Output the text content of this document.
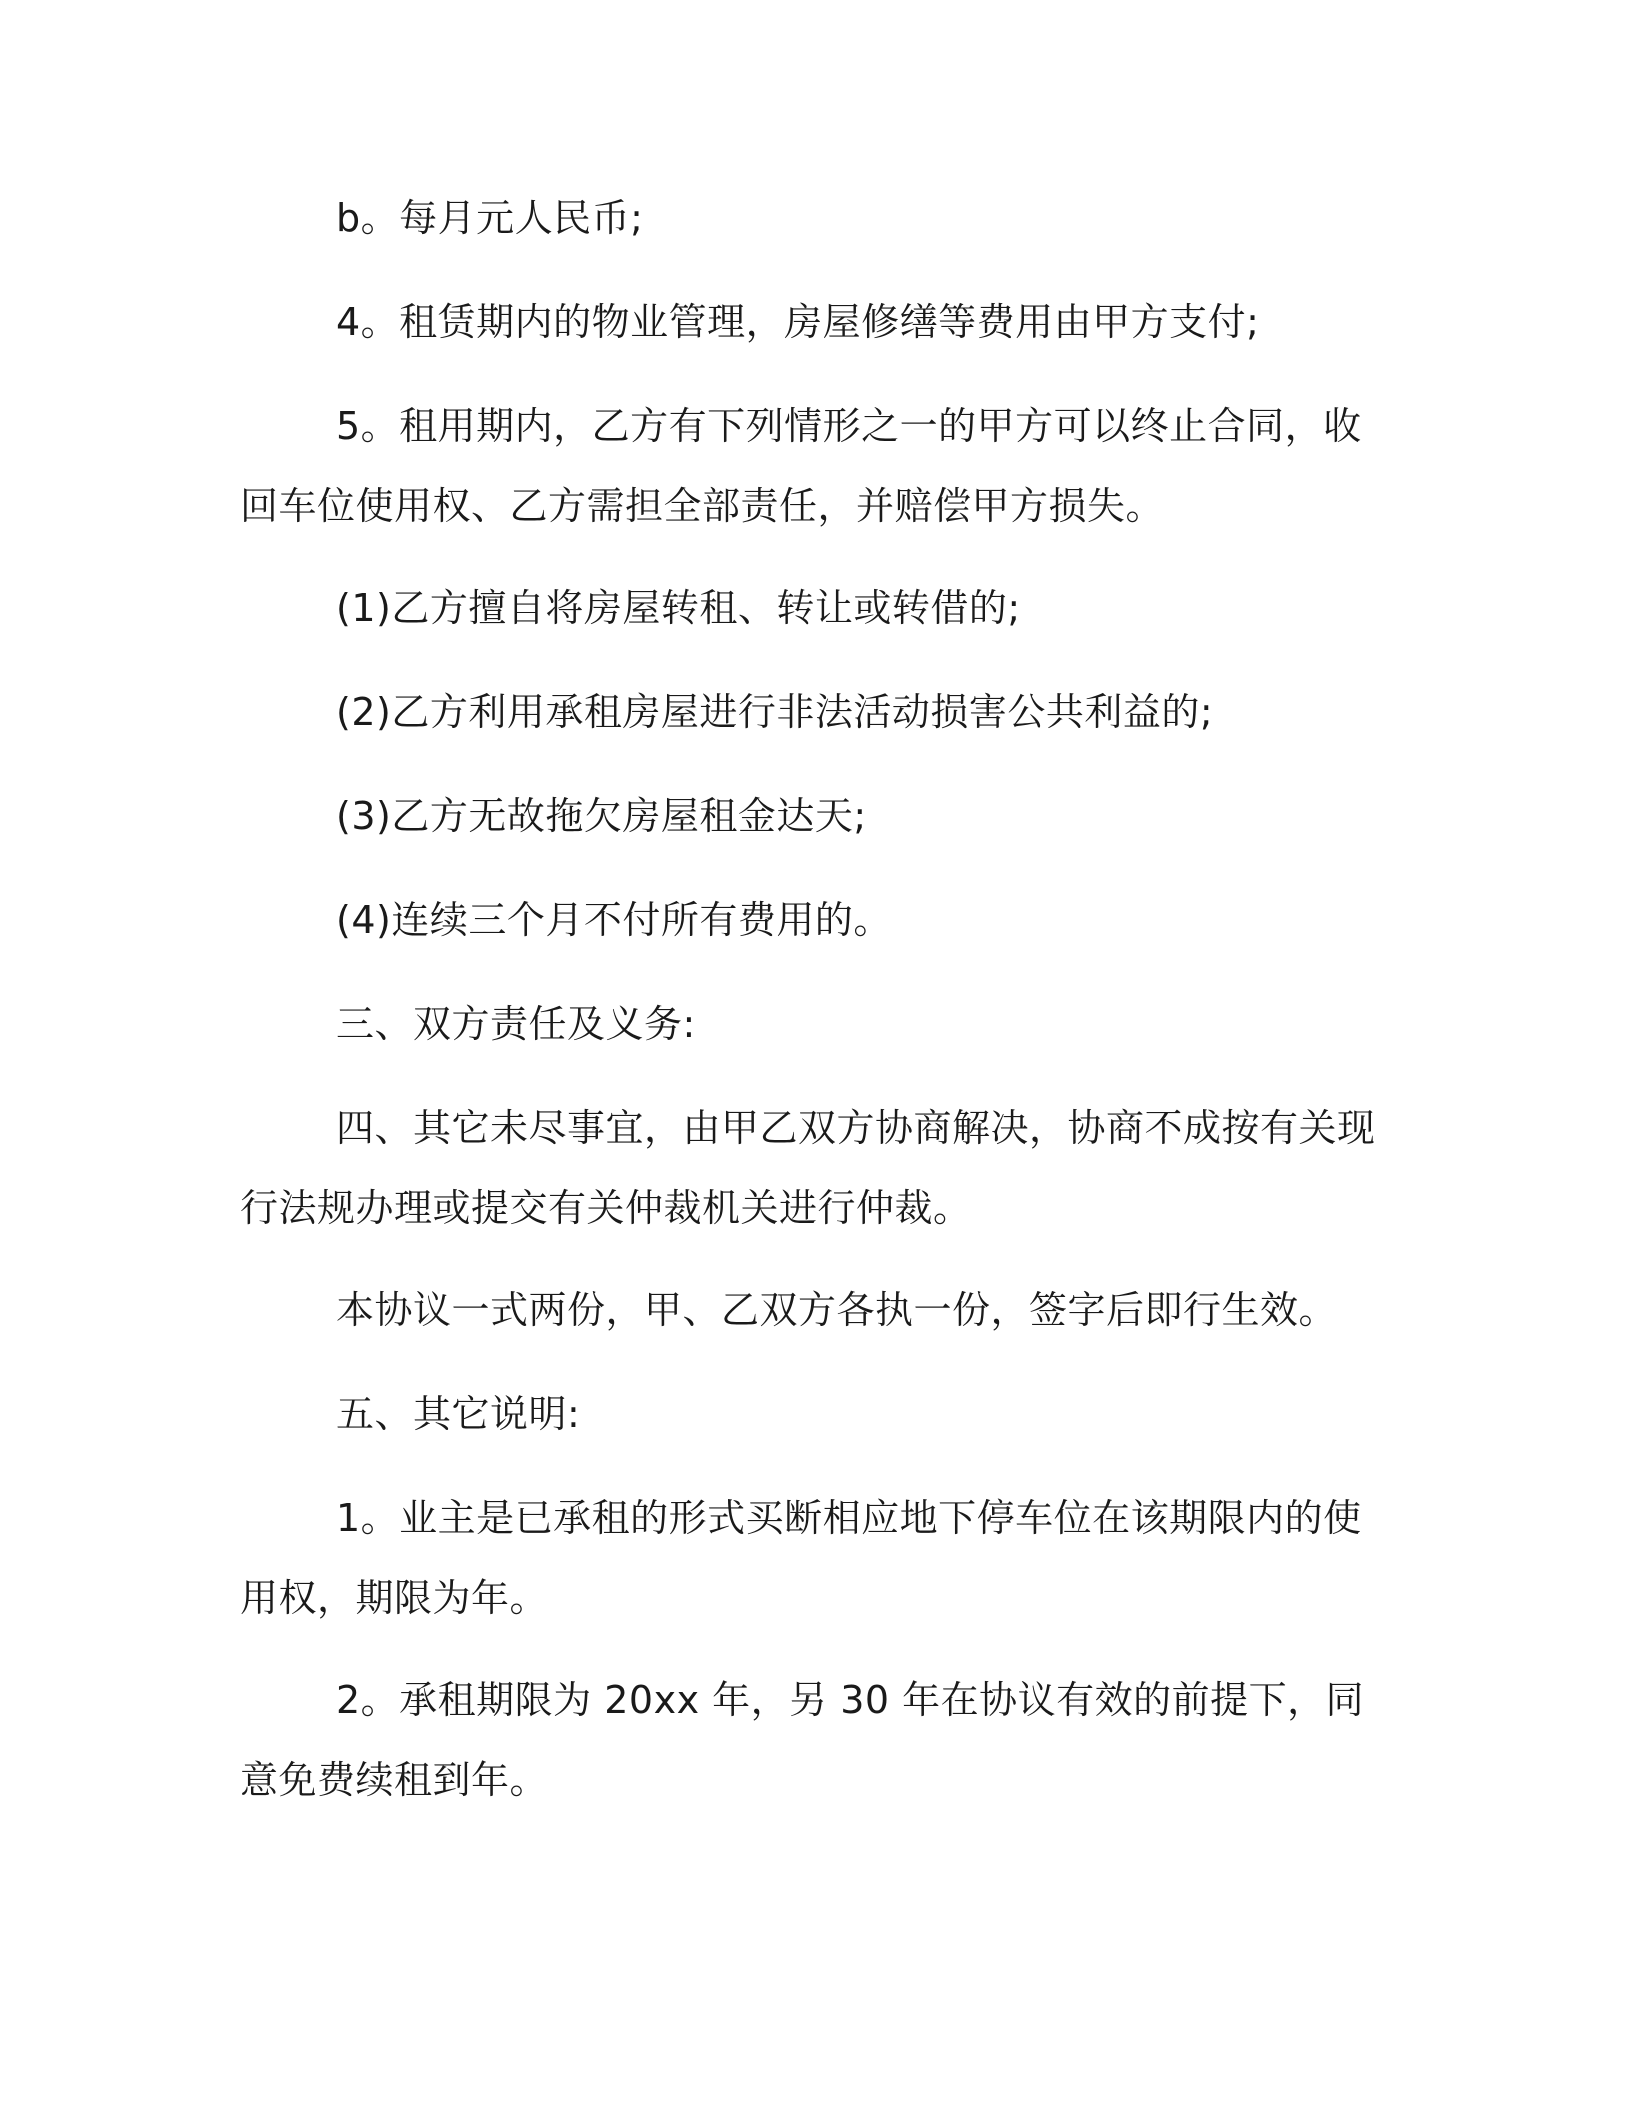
b。每月元人民币;

4。租赁期内的物业管理，房屋修缮等费用由甲方支付;

5。租用期内，乙方有下列情形之一的甲方可以终止合同，收回车位使用权、乙方需担全部责任，并赔偿甲方损失。

(1)乙方擅自将房屋转租、转让或转借的;

(2)乙方利用承租房屋进行非法活动损害公共利益的;

(3)乙方无故拖欠房屋租金达天;

(4)连续三个月不付所有费用的。

三、双方责任及义务:

四、其它未尽事宜，由甲乙双方协商解决，协商不成按有关现行法规办理或提交有关仲裁机关进行仲裁。

本协议一式两份，甲、乙双方各执一份，签字后即行生效。

五、其它说明:

1。业主是已承租的形式买断相应地下停车位在该期限内的使用权，期限为年。

2。承租期限为 20xx 年，另 30 年在协议有效的前提下，同意免费续租到年。
